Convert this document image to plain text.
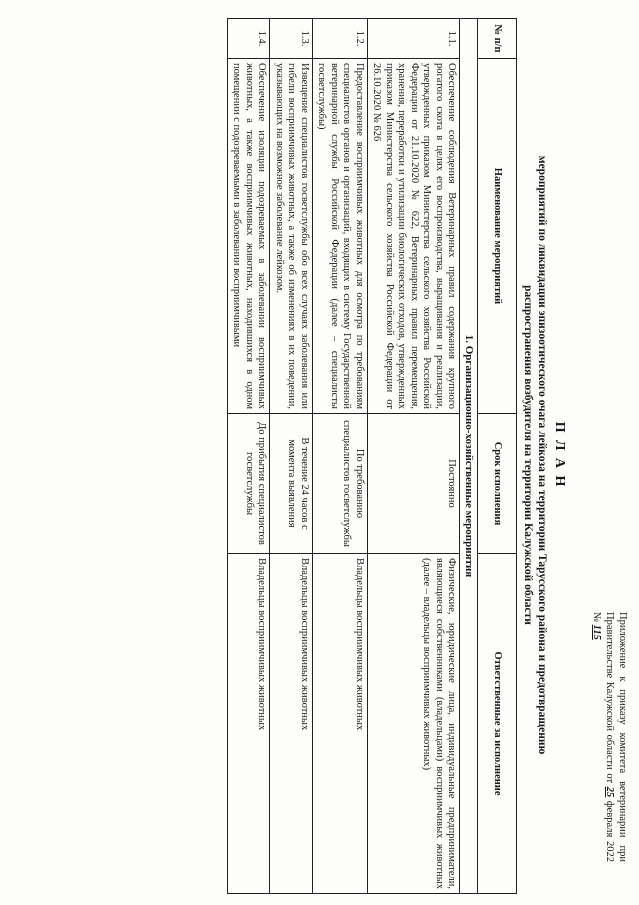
Приложение к приказу комитета ветеринарии при Правительстве Калужской области от 25 февраля 2022 № 115
П Л А Н
мероприятий по ликвидации эпизоотического очага лейкоза на территории Тарусского района и предотвращению
распространения возбудителя на территории Калужской области
№ п/п	Наименование мероприятий	Срок исполнения	Ответственные за исполнение
1. Организационно-хозяйственные мероприятия			
1.1.	Обеспечение соблюдения Ветеринарных правил содержания крупного рогатого скота в целях его воспроизводства, выращивания и реализации, утвержденных приказом Министерства сельского хозяйства Российской Федерации от 21.10.2020 № 622, Ветеринарных правил перемещения, хранения, переработки и утилизации биологических отходов, утвержденных приказом Министерства сельского хозяйства Российской Федерации от 26.10.2020 № 626	Постоянно	Физические, юридические лица, индивидуальные предприниматели, являющиеся собственниками (владельцами) восприимчивых животных (далее – владельцы восприимчивых животных)
1.2.	Предоставление восприимчивых животных для осмотра по требованиям специалистов органов и организаций, входящих в систему Государственной ветеринарной службы Российской Федерации (далее – специалисты госветслужбы)	По требованию специалистов госветслужбы	Владельцы восприимчивых животных
1.3.	Извещение специалистов госветслужбы обо всех случаях заболевания или гибели восприимчивых животных, а также об изменениях в их поведении, указывающих на возможное заболевание лейкозом.	В течение 24 часов с момента выявления	Владельцы восприимчивых животных
1.4.	Обеспечение изоляции подозреваемых в заболевании восприимчивых животных, а также восприимчивых животных, находившихся в одном помещении с подозреваемыми в заболевании восприимчивыми	До прибытия специалистов госветслужбы	Владельцы восприимчивых животных
